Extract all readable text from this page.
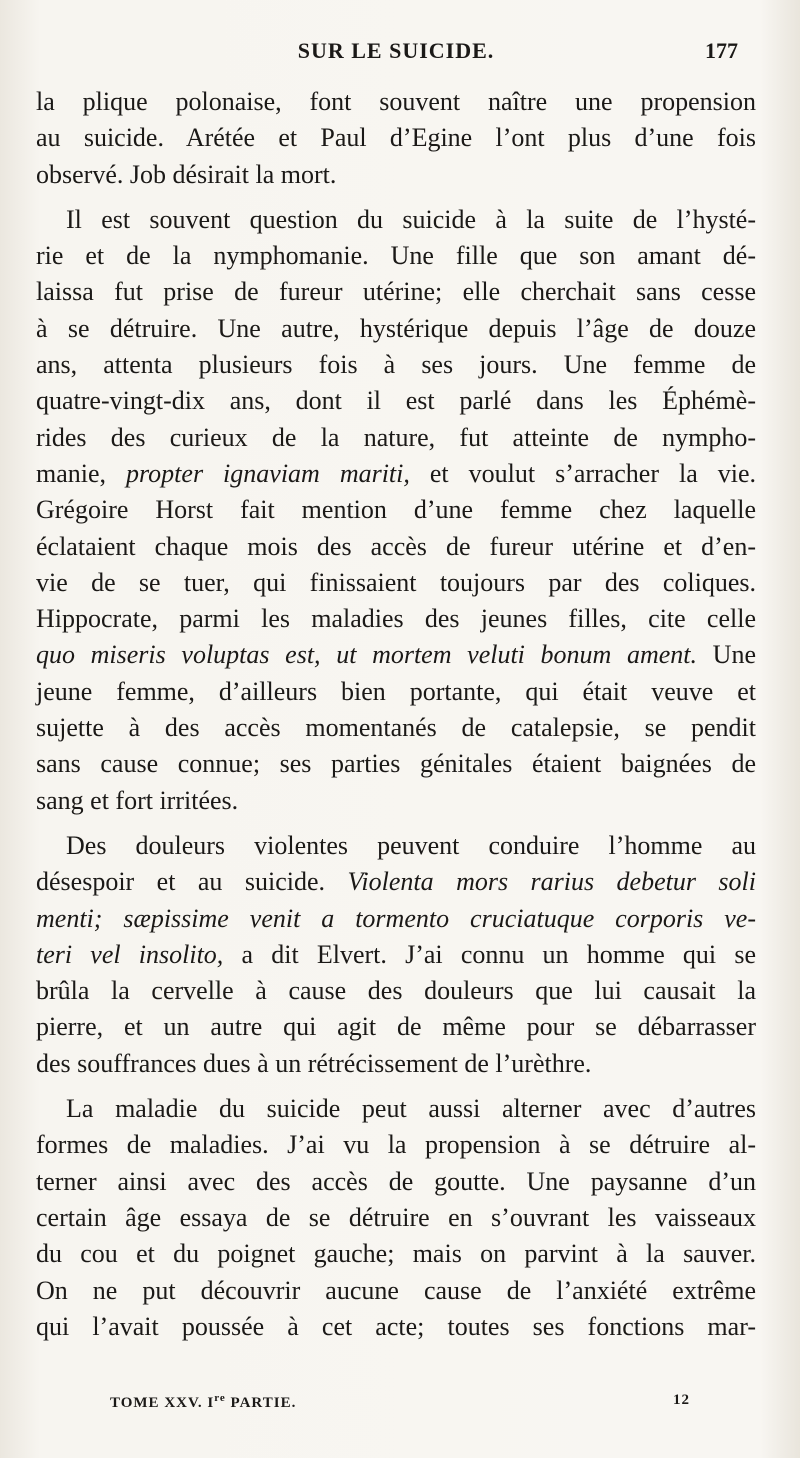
SUR LE SUICIDE.	177
la plique polonaise, font souvent naître une propension
au suicide. Arétée et Paul d’Egine l’ont plus d’une fois
observé. Job désirait la mort.
Il est souvent question du suicide à la suite de l’hysté-
rie et de la nymphomanie. Une fille que son amant dé-
laissa fut prise de fureur utérine; elle cherchait sans cesse
à se détruire. Une autre, hystérique depuis l’âge de douze
ans, attenta plusieurs fois à ses jours. Une femme de
quatre-vingt-dix ans, dont il est parlé dans les Éphémè-
rides des curieux de la nature, fut atteinte de nympho-
manie, propter ignaviam mariti, et voulut s’arracher la vie.
Grégoire Horst fait mention d’une femme chez laquelle
éclataient chaque mois des accès de fureur utérine et d’en-
vie de se tuer, qui finissaient toujours par des coliques.
Hippocrate, parmi les maladies des jeunes filles, cite celle
quo miseris voluptas est, ut mortem veluti bonum ament. Une
jeune femme, d’ailleurs bien portante, qui était veuve et
sujette à des accès momentanés de catalepsie, se pendit
sans cause connue; ses parties génitales étaient baignées de
sang et fort irritées.
Des douleurs violentes peuvent conduire l’homme au
désespoir et au suicide. Violenta mors rarius debetur soli
menti; sæpissime venit a tormento cruciatuque corporis ve-
teri vel insolito, a dit Elvert. J’ai connu un homme qui se
brûla la cervelle à cause des douleurs que lui causait la
pierre, et un autre qui agit de même pour se débarrasser
des souffrances dues à un rétrécissement de l’urèthre.
La maladie du suicide peut aussi alterner avec d’autres
formes de maladies. J’ai vu la propension à se détruire al-
terner ainsi avec des accès de goutte. Une paysanne d’un
certain âge essaya de se détruire en s’ouvrant les vaisseaux
du cou et du poignet gauche; mais on parvint à la sauver.
On ne put découvrir aucune cause de l’anxiété extrême
qui l’avait poussée à cet acte; toutes ses fonctions mar-
TOME XXV. Ire PARTIE.	12
